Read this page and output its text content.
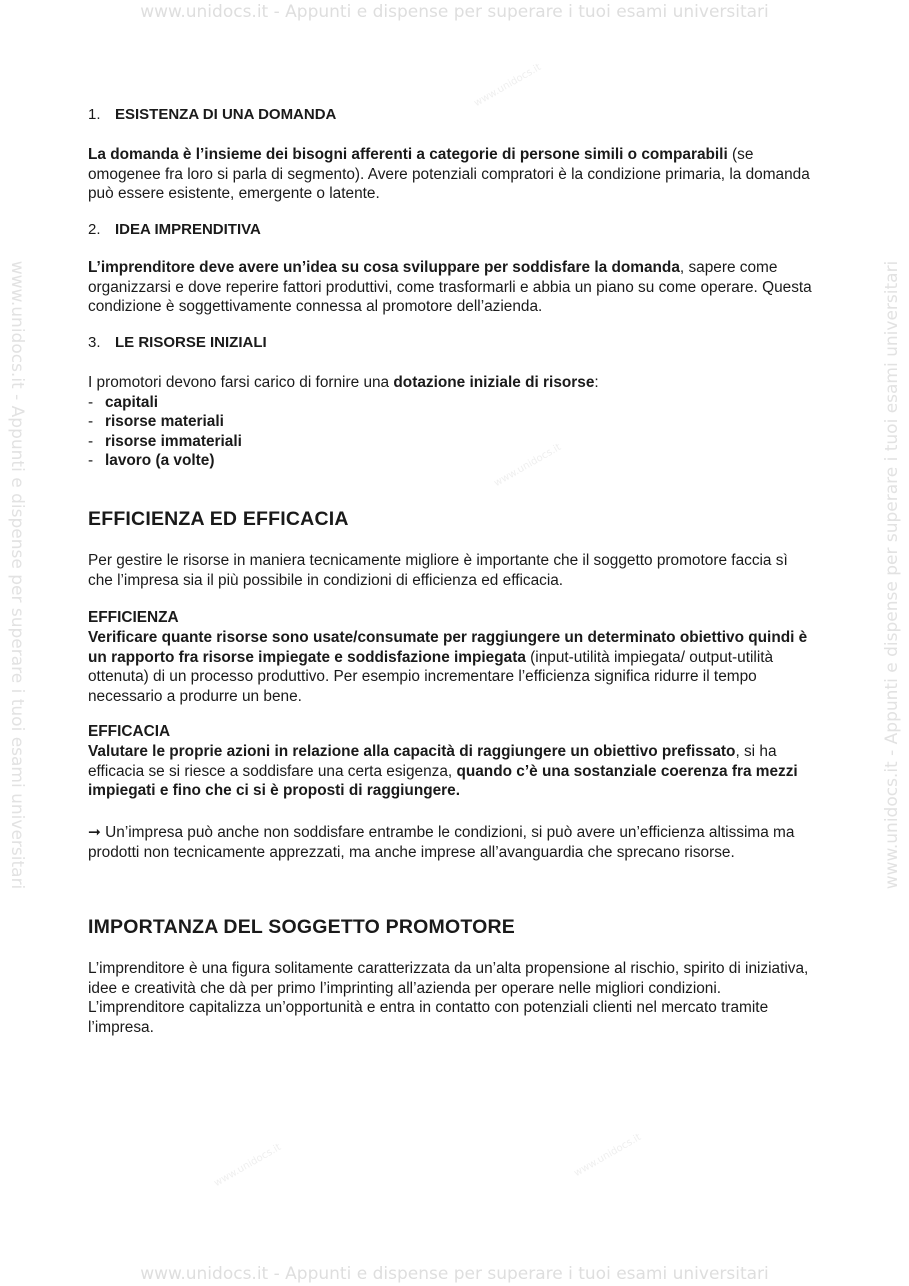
www.unidocs.it - Appunti e dispense per superare i tuoi esami universitari
www.unidocs.it - Appunti e dispense per superare i tuoi esami universitari
www.unidocs.it - Appunti e dispense per superare i tuoi esami universitari	www.unidocs.it - Appunti e dispense per superare i tuoi esami universitari
www.unidocs.it
www.unidocs.it
www.unidocs.it	www.unidocs.it
1. ESISTENZA DI UNA DOMANDA

La domanda è l’insieme dei bisogni afferenti a categorie di persone simili o comparabili (se omogenee fra loro si parla di segmento). Avere potenziali compratori è la condizione primaria, la domanda può essere esistente, emergente o latente.

2. IDEA IMPRENDITIVA

L’imprenditore deve avere un’idea su cosa sviluppare per soddisfare la domanda, sapere come organizzarsi e dove reperire fattori produttivi, come trasformarli e abbia un piano su come operare. Questa condizione è soggettivamente connessa al promotore dell’azienda.

3. LE RISORSE INIZIALI
I promotori devono farsi carico di fornire una dotazione iniziale di risorse:
- capitali
- risorse materiali
- risorse immateriali
- lavoro (a volte)
EFFICIENZA ED EFFICACIA

Per gestire le risorse in maniera tecnicamente migliore è importante che il soggetto promotore faccia sì che l’impresa sia il più possibile in condizioni di efficienza ed efficacia.

EFFICIENZA

Verificare quante risorse sono usate/consumate per raggiungere un determinato obiettivo quindi è un rapporto fra risorse impiegate e soddisfazione impiegata (input-utilità impiegata/ output-utilità ottenuta) di un processo produttivo. Per esempio incrementare l’efficienza significa ridurre il tempo necessario a produrre un bene.

EFFICACIA

Valutare le proprie azioni in relazione alla capacità di raggiungere un obiettivo prefissato, si ha efficacia se si riesce a soddisfare una certa esigenza, quando c’è una sostanziale coerenza fra mezzi impiegati e fino che ci si è proposti di raggiungere.

➞ Un’impresa può anche non soddisfare entrambe le condizioni, si può avere un’efficienza altissima ma prodotti non tecnicamente apprezzati, ma anche imprese all’avanguardia che sprecano risorse.

IMPORTANZA DEL SOGGETTO PROMOTORE

L’imprenditore è una figura solitamente caratterizzata da un’alta propensione al rischio, spirito di iniziativa, idee e creatività che dà per primo l’imprinting all’azienda per operare nelle migliori condizioni. L’imprenditore capitalizza un’opportunità e entra in contatto con potenziali clienti nel mercato tramite l’impresa.
